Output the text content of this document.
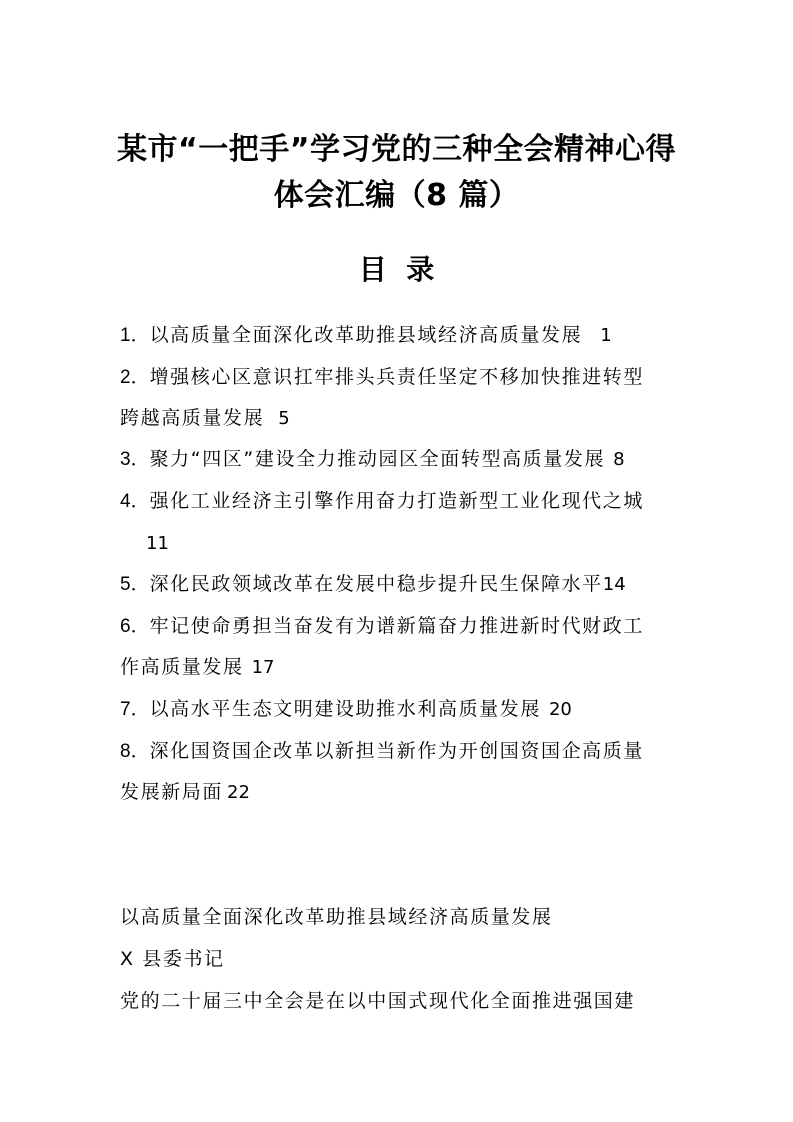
某市“一把手”学习党的三种全会精神心得
体会汇编（8 篇）
目  录
1．以高质量全面深化改革助推县域经济高质量发展 1
2．增强核心区意识扛牢排头兵责任坚定不移加快推进转型
跨越高质量发展 5
3．聚力“四区”建设全力推动园区全面转型高质量发展 8
4．强化工业经济主引擎作用奋力打造新型工业化现代之城
11
5．深化民政领域改革在发展中稳步提升民生保障水平14
6．牢记使命勇担当奋发有为谱新篇奋力推进新时代财政工
作高质量发展 17
7．以高水平生态文明建设助推水利高质量发展 20
8．深化国资国企改革以新担当新作为开创国资国企高质量
发展新局面 22
以高质量全面深化改革助推县域经济高质量发展
X 县委书记
党的二十届三中全会是在以中国式现代化全面推进强国建
